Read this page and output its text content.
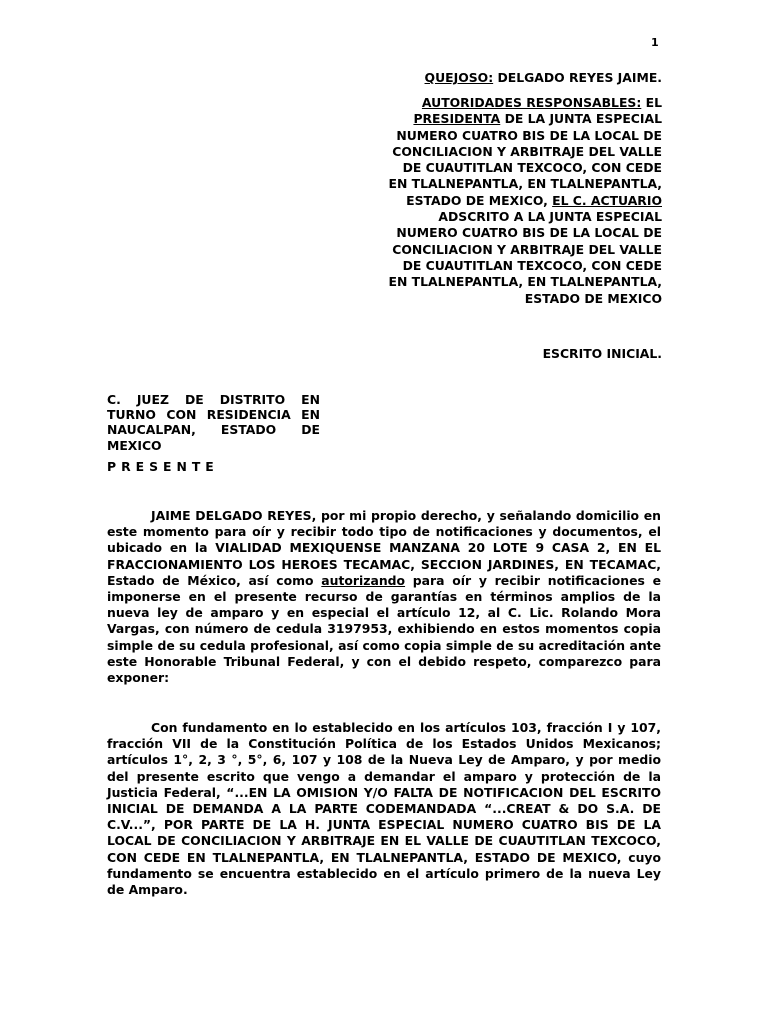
1
QUEJOSO: DELGADO REYES JAIME.
AUTORIDADES RESPONSABLES: EL PRESIDENTA DE LA JUNTA ESPECIAL NUMERO CUATRO BIS DE LA LOCAL DE CONCILIACION Y ARBITRAJE DEL VALLE DE CUAUTITLAN TEXCOCO, CON CEDE EN TLALNEPANTLA, EN TLALNEPANTLA, ESTADO DE MEXICO, EL C. ACTUARIO ADSCRITO A LA JUNTA ESPECIAL NUMERO CUATRO BIS DE LA LOCAL DE CONCILIACION Y ARBITRAJE DEL VALLE DE CUAUTITLAN TEXCOCO, CON CEDE EN TLALNEPANTLA, EN TLALNEPANTLA, ESTADO DE MEXICO
ESCRITO INICIAL.
C. JUEZ DE DISTRITO EN TURNO CON RESIDENCIA EN NAUCALPAN, ESTADO DE MEXICO
PRESENTE
JAIME DELGADO REYES, por mi propio derecho, y señalando domicilio en este momento para oír y recibir todo tipo de notificaciones y documentos, el ubicado en la VIALIDAD MEXIQUENSE MANZANA 20 LOTE 9 CASA 2, EN EL FRACCIONAMIENTO LOS HEROES TECAMAC, SECCION JARDINES, EN TECAMAC, Estado de México, así como autorizando para oír y recibir notificaciones e imponerse en el presente recurso de garantías en términos amplios de la nueva ley de amparo y en especial el artículo 12, al C. Lic. Rolando Mora Vargas, con número de cedula 3197953, exhibiendo en estos momentos copia simple de su cedula profesional, así como copia simple de su acreditación ante este Honorable Tribunal Federal, y con el debido respeto, comparezco para exponer:
Con fundamento en lo establecido en los artículos 103, fracción I y 107, fracción VII de la Constitución Política de los Estados Unidos Mexicanos; artículos 1°, 2, 3 °, 5°, 6, 107 y 108 de la Nueva Ley de Amparo, y por medio del presente escrito que vengo a demandar el amparo y protección de la Justicia Federal, “...EN LA OMISION Y/O FALTA DE NOTIFICACION DEL ESCRITO INICIAL DE DEMANDA A LA PARTE CODEMANDADA “...CREAT & DO S.A. DE C.V...”, POR PARTE DE LA H. JUNTA ESPECIAL NUMERO CUATRO BIS DE LA LOCAL DE CONCILIACION Y ARBITRAJE EN EL VALLE DE CUAUTITLAN TEXCOCO, CON CEDE EN TLALNEPANTLA, EN TLALNEPANTLA, ESTADO DE MEXICO, cuyo fundamento se encuentra establecido en el artículo primero de la nueva Ley de Amparo.
